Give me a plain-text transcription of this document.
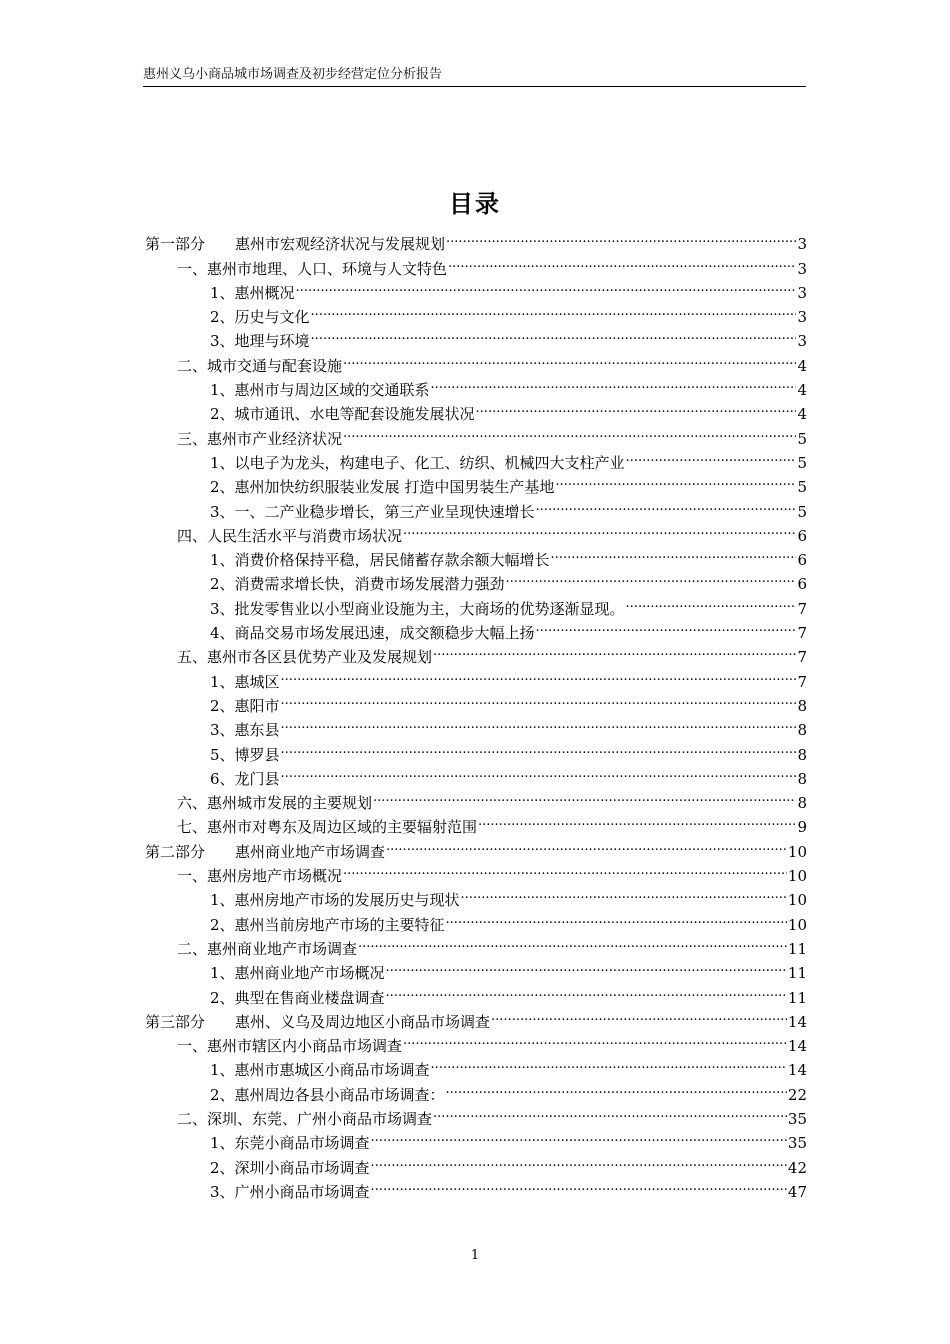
惠州义乌小商品城市场调查及初步经营定位分析报告
目录
第一部分 惠州市宏观经济状况与发展规划 .....	3
一、惠州市地理、人口、环境与人文特色 .....	3
1、惠州概况 .....	3
2、历史与文化 .....	3
3、地理与环境 .....	3
二、城市交通与配套设施 .....	4
1、惠州市与周边区域的交通联系 .....	4
2、城市通讯、水电等配套设施发展状况 .....	4
三、惠州市产业经济状况 .....	5
1、以电子为龙头，构建电子、化工、纺织、机械四大支柱产业 .....	5
2、惠州加快纺织服装业发展 打造中国男装生产基地 .....	5
3、一、二产业稳步增长，第三产业呈现快速增长 .....	5
四、人民生活水平与消费市场状况 .....	6
1、消费价格保持平稳，居民储蓄存款余额大幅增长 .....	6
2、消费需求增长快，消费市场发展潜力强劲 .....	6
3、批发零售业以小型商业设施为主，大商场的优势逐渐显现。 .....	7
4、商品交易市场发展迅速，成交额稳步大幅上扬 .....	7
五、惠州市各区县优势产业及发展规划 .....	7
1、惠城区 .....	7
2、惠阳市 .....	8
3、惠东县 .....	8
5、博罗县 .....	8
6、龙门县 .....	8
六、惠州城市发展的主要规划 .....	8
七、惠州市对粤东及周边区域的主要辐射范围 .....	9
第二部分 惠州商业地产市场调查 .....	10
一、惠州房地产市场概况 .....	10
1、惠州房地产市场的发展历史与现状 .....	10
2、惠州当前房地产市场的主要特征 .....	10
二、惠州商业地产市场调查 .....	11
1、惠州商业地产市场概况 .....	11
2、典型在售商业楼盘调查 .....	11
第三部分 惠州、义乌及周边地区小商品市场调查 .....	14
一、惠州市辖区内小商品市场调查 .....	14
1、惠州市惠城区小商品市场调查 .....	14
2、惠州周边各县小商品市场调查： .....	22
二、深圳、东莞、广州小商品市场调查 .....	35
1、东莞小商品市场调查 .....	35
2、深圳小商品市场调查 .....	42
3、广州小商品市场调查 .....	47
1
